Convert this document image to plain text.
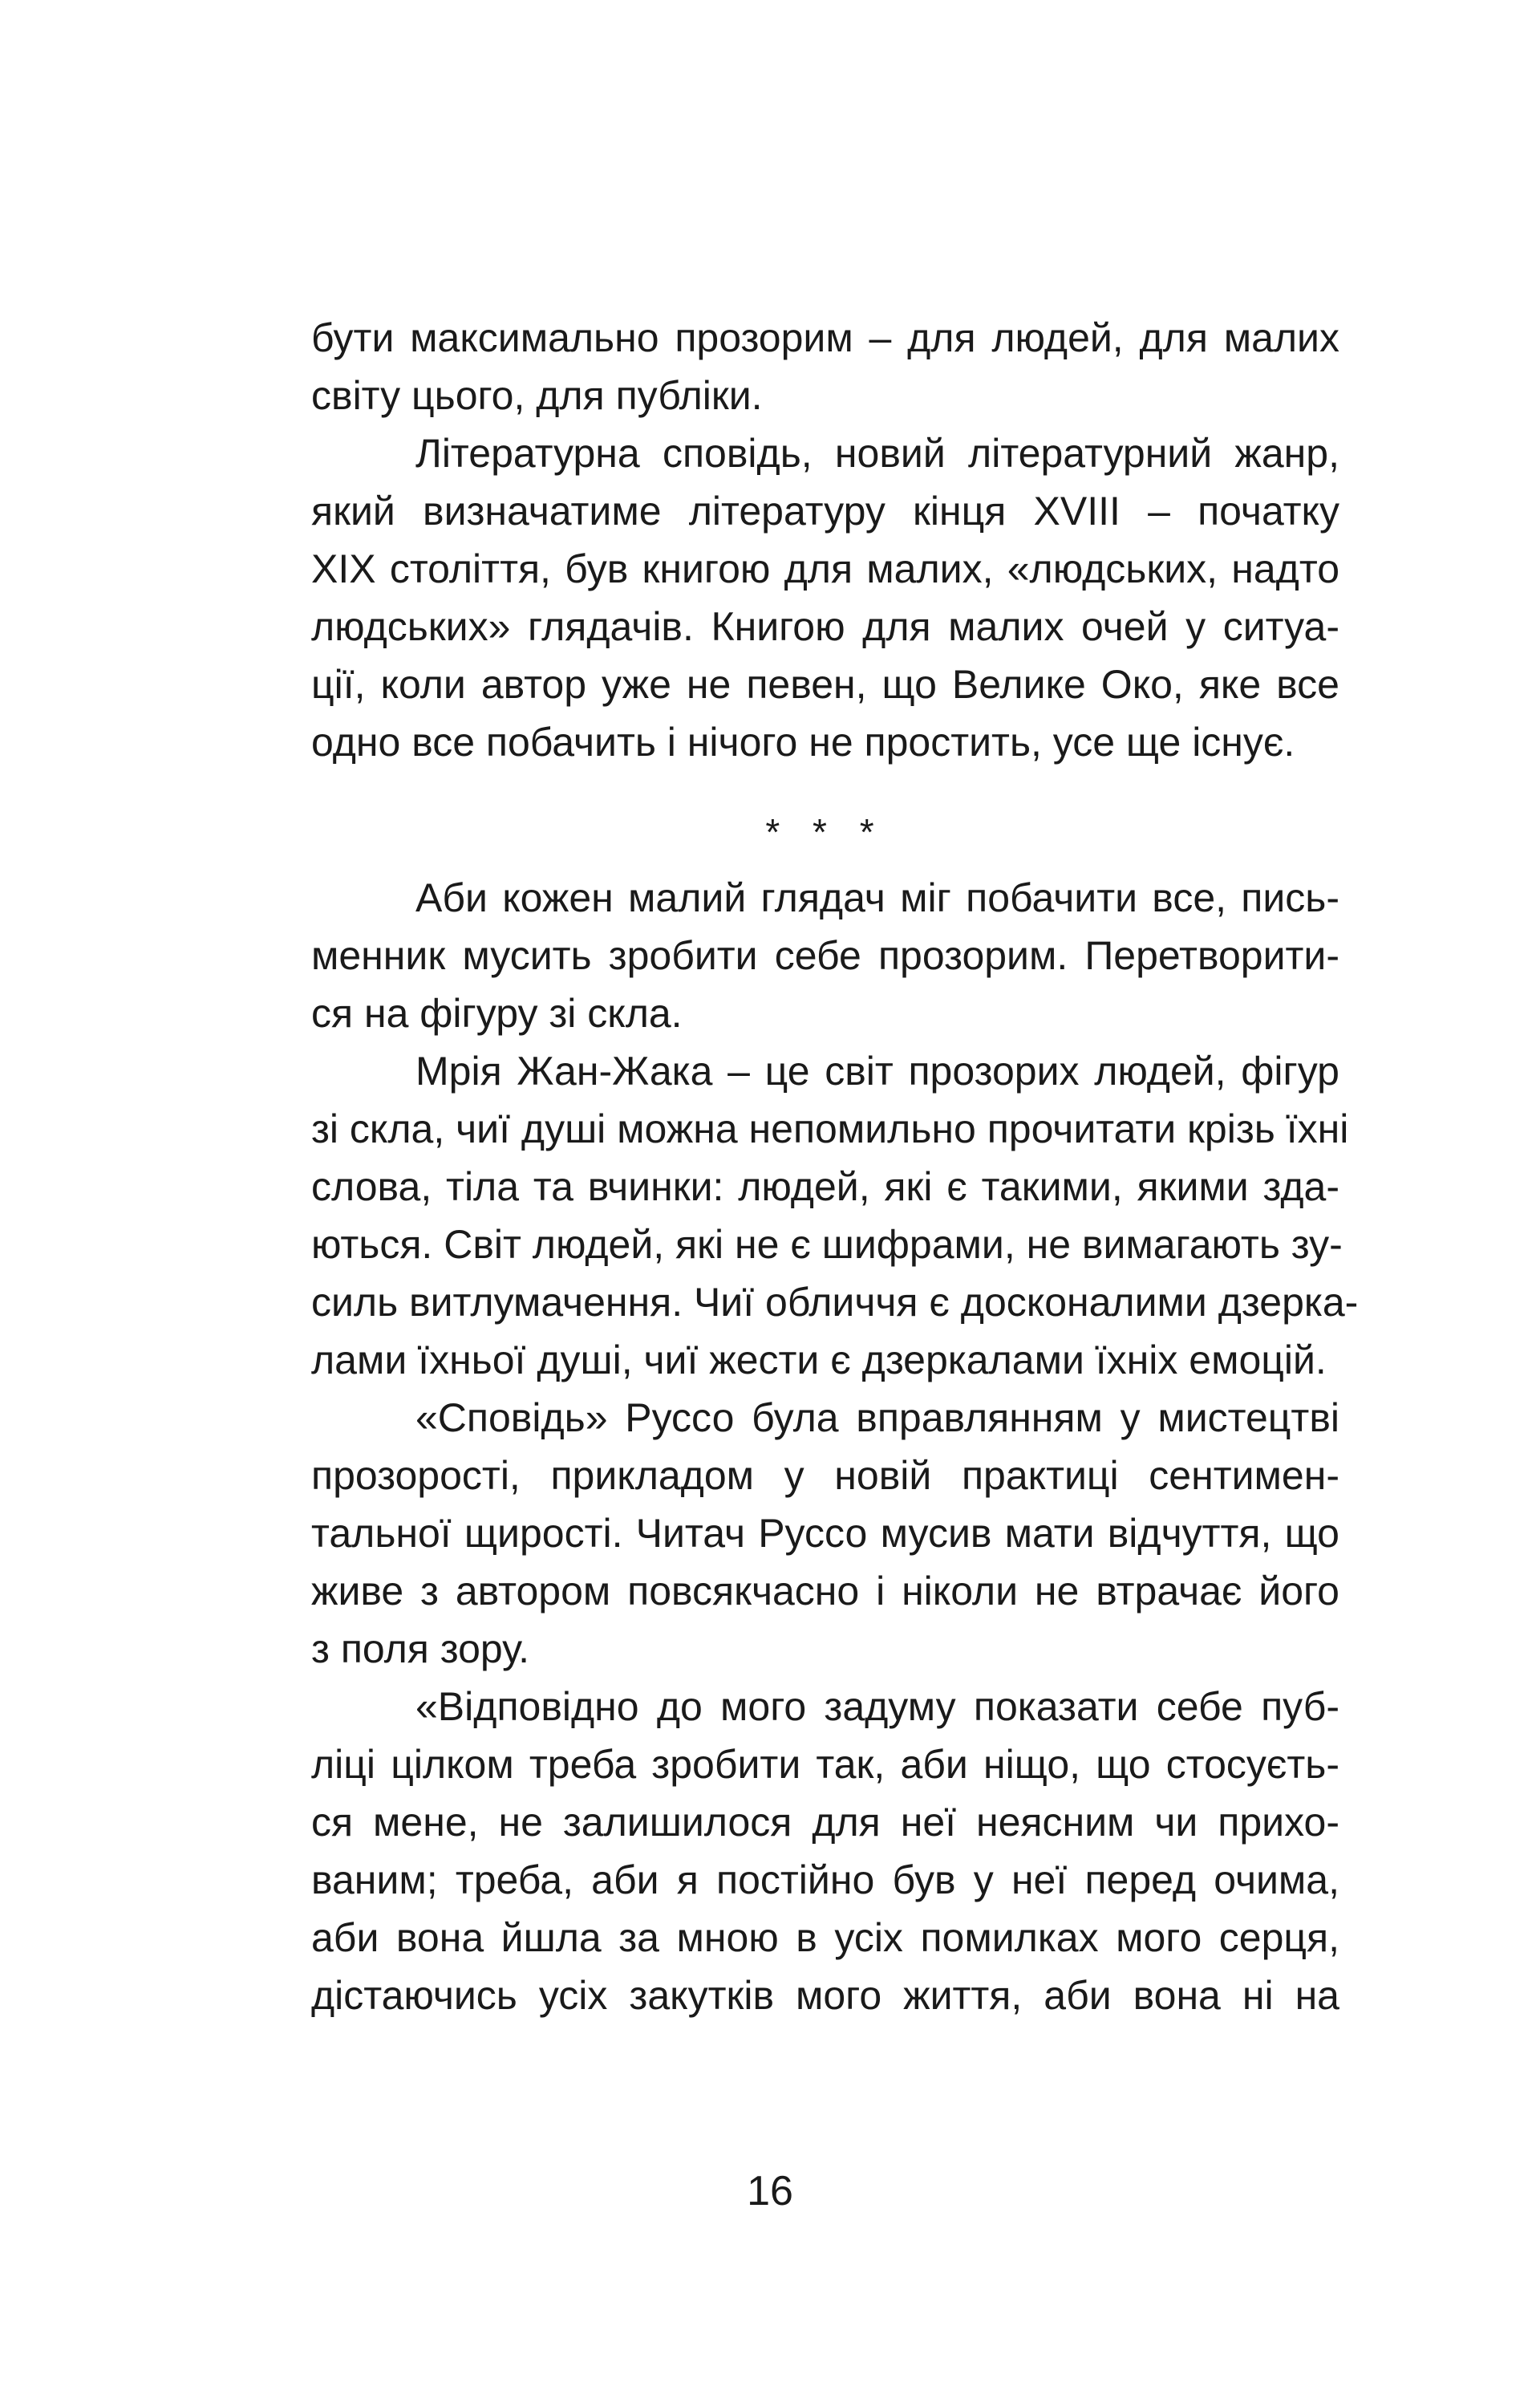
бути максимально прозорим – для людей, для малих
світу цього, для публіки.

Літературна сповідь, новий літературний жанр,
який визначатиме літературу кінця XVIII – початку
XIX століття, був книгою для малих, «людських, надто
людських» глядачів. Книгою для малих очей у ситуа-
ції, коли автор уже не певен, що Велике Око, яке все
одно все побачить і нічого не простить, усе ще існує.

* * *

Аби кожен малий глядач міг побачити все, пись-
менник мусить зробити себе прозорим. Перетворити-
ся на фігуру зі скла.

Мрія Жан-Жака – це світ прозорих людей, фігур
зі скла, чиї душі можна непомильно прочитати крізь їхні
слова, тіла та вчинки: людей, які є такими, якими зда-
ються. Світ людей, які не є шифрами, не вимагають зу-
силь витлумачення. Чиї обличчя є досконалими дзерка-
лами їхньої душі, чиї жести є дзеркалами їхніх емоцій.

«Сповідь» Руссо була вправлянням у мистецтві
прозорості, прикладом у новій практиці сентимен-
тальної щирості. Читач Руссо мусив мати відчуття, що
живе з автором повсякчасно і ніколи не втрачає його
з поля зору.

«Відповідно до мого задуму показати себе пуб-
ліці цілком треба зробити так, аби ніщо, що стосуєть-
ся мене, не залишилося для неї неясним чи прихо-
ваним; треба, аби я постійно був у неї перед очима,
аби вона йшла за мною в усіх помилках мого серця,
дістаючись усіх закутків мого життя, аби вона ні на

16
